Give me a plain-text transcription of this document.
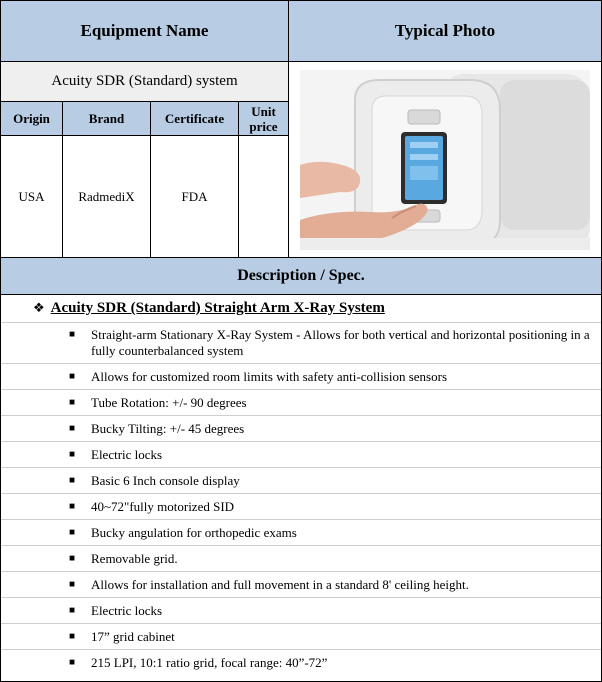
Equipment Name	Typical Photo
Acuity SDR (Standard) system
Origin	Brand	Certificate	Unit price
USA	RadmediX	FDA
Description / Spec.
❖ Acuity SDR (Standard) Straight Arm X-Ray System
■	Straight-arm Stationary X-Ray System - Allows for both vertical and horizontal positioning in a fully counterbalanced system
■	Allows for customized room limits with safety anti-collision sensors
■	Tube Rotation: +/- 90 degrees
■	Bucky Tilting: +/- 45 degrees
■	Electric locks
■	Basic 6 Inch console display
■	40~72"fully motorized SID
■	Bucky angulation for orthopedic exams
■	Removable grid.
■	Allows for installation and full movement in a standard 8' ceiling height.
■	Electric locks
■	17” grid cabinet
■	215 LPI, 10:1 ratio grid, focal range: 40”-72”
